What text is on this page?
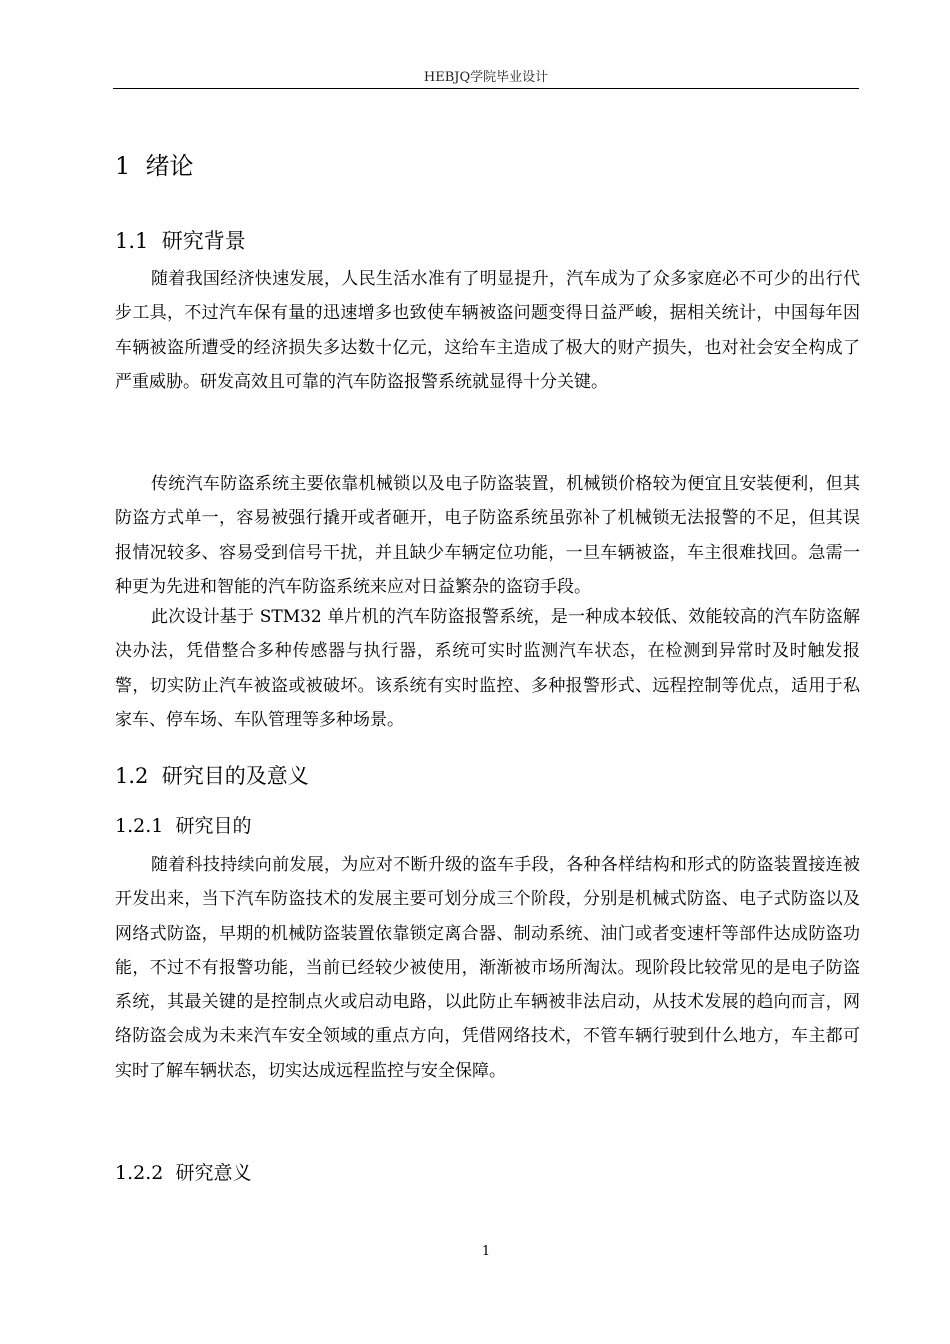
HEBJQ学院毕业设计
1 绪论
1.1 研究背景

随着我国经济快速发展，人民生活水准有了明显提升，汽车成为了众多家庭必不可少的出行代步工具，不过汽车保有量的迅速增多也致使车辆被盗问题变得日益严峻，据相关统计，中国每年因车辆被盗所遭受的经济损失多达数十亿元，这给车主造成了极大的财产损失，也对社会安全构成了严重威胁。研发高效且可靠的汽车防盗报警系统就显得十分关键。

传统汽车防盗系统主要依靠机械锁以及电子防盗装置，机械锁价格较为便宜且安装便利，但其防盗方式单一，容易被强行撬开或者砸开，电子防盗系统虽弥补了机械锁无法报警的不足，但其误报情况较多、容易受到信号干扰，并且缺少车辆定位功能，一旦车辆被盗，车主很难找回。急需一种更为先进和智能的汽车防盗系统来应对日益繁杂的盗窃手段。

此次设计基于 STM32 单片机的汽车防盗报警系统，是一种成本较低、效能较高的汽车防盗解决办法，凭借整合多种传感器与执行器，系统可实时监测汽车状态，在检测到异常时及时触发报警，切实防止汽车被盗或被破坏。该系统有实时监控、多种报警形式、远程控制等优点，适用于私家车、停车场、车队管理等多种场景。

1.2 研究目的及意义
1.2.1 研究目的

随着科技持续向前发展，为应对不断升级的盗车手段，各种各样结构和形式的防盗装置接连被开发出来，当下汽车防盗技术的发展主要可划分成三个阶段，分别是机械式防盗、电子式防盗以及网络式防盗，早期的机械防盗装置依靠锁定离合器、制动系统、油门或者变速杆等部件达成防盗功能，不过不有报警功能，当前已经较少被使用，渐渐被市场所淘汰。现阶段比较常见的是电子防盗系统，其最关键的是控制点火或启动电路，以此防止车辆被非法启动，从技术发展的趋向而言，网络防盗会成为未来汽车安全领域的重点方向，凭借网络技术，不管车辆行驶到什么地方，车主都可实时了解车辆状态，切实达成远程监控与安全保障。

1.2.2 研究意义
1
